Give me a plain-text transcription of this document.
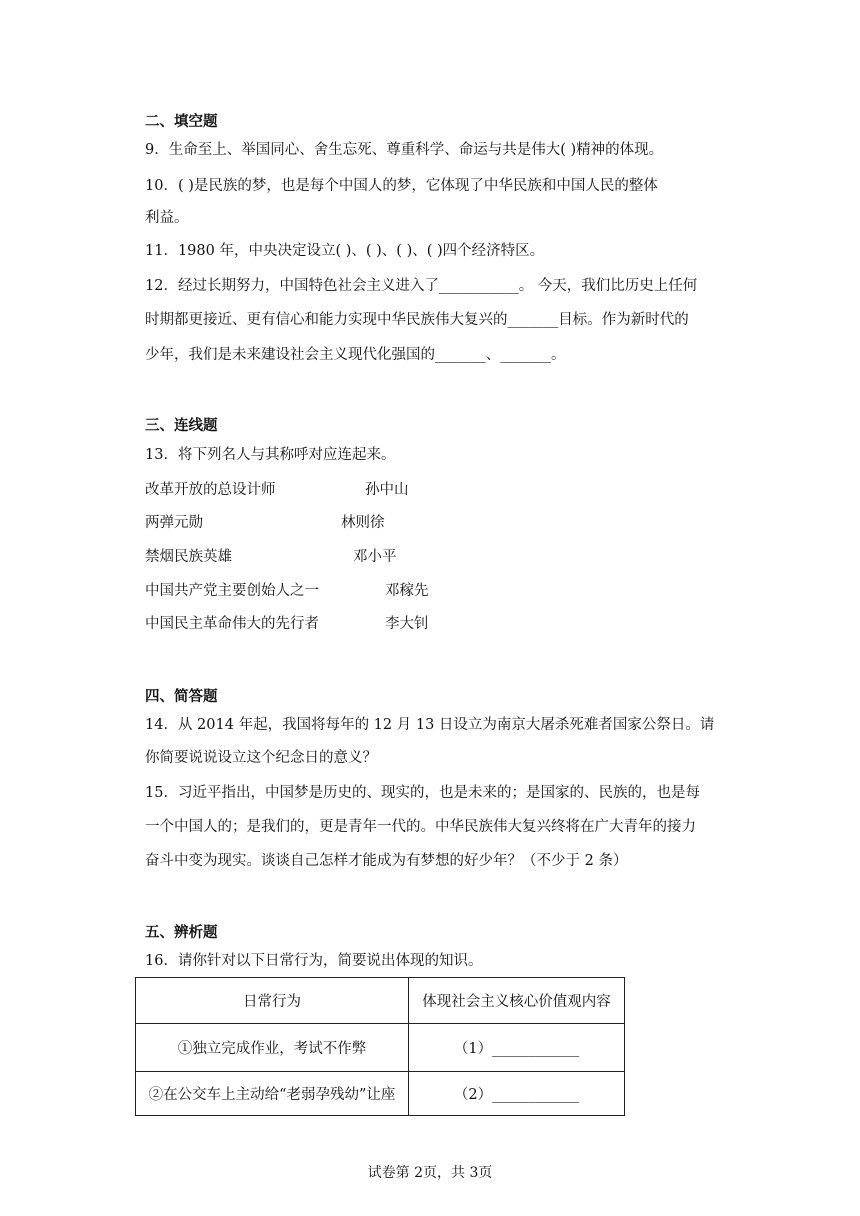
二、填空题
9．生命至上、举国同心、舍生忘死、尊重科学、命运与共是伟大( )精神的体现。
10．( )是民族的梦，也是每个中国人的梦，它体现了中华民族和中国人民的整体
利益。
11．1980 年，中央决定设立( )、( )、( )、( )四个经济特区。
12．经过长期努力，中国特色社会主义进入了___________。 今天，我们比历史上任何
时期都更接近、更有信心和能力实现中华民族伟大复兴的_______目标。作为新时代的
少年，我们是未来建设社会主义现代化强国的_______、_______。
三、连线题
13．将下列名人与其称呼对应连起来。
改革开放的总设计师	孙中山
两弹元勋	林则徐
禁烟民族英雄	邓小平
中国共产党主要创始人之一	邓稼先
中国民主革命伟大的先行者	李大钊
四、简答题
14．从 2014 年起，我国将每年的 12 月 13 日设立为南京大屠杀死难者国家公祭日。请
你简要说说设立这个纪念日的意义？
15．习近平指出，中国梦是历史的、现实的，也是未来的；是国家的、民族的，也是每
一个中国人的；是我们的，更是青年一代的。中华民族伟大复兴终将在广大青年的接力
奋斗中变为现实。谈谈自己怎样才能成为有梦想的好少年？（不少于 2 条）
五、辨析题
16．请你针对以下日常行为，简要说出体现的知识。
日常行为	体现社会主义核心价值观内容
①独立完成作业，考试不作弊	（1）____________
②在公交车上主动给“老弱孕残幼”让座	（2）____________
试卷第 2页，共 3页
